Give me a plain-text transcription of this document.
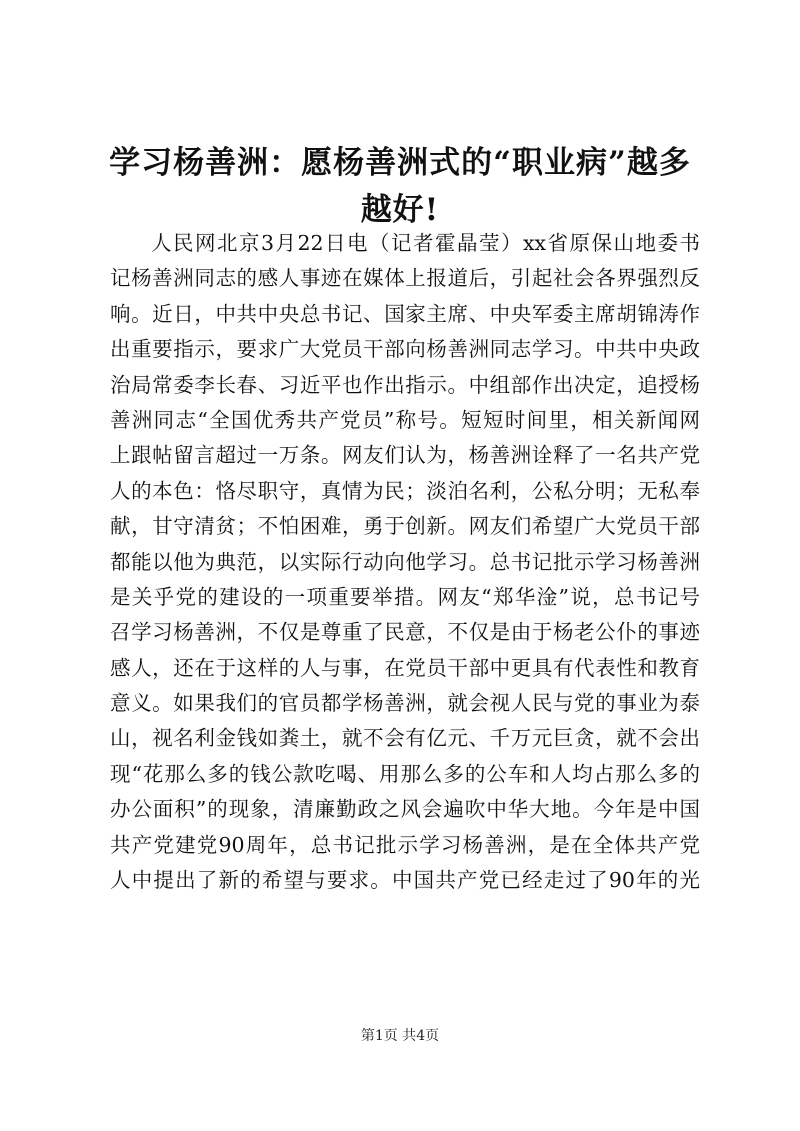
学习杨善洲：愿杨善洲式的“职业病”越多越好!
人民网北京3月22日电（记者霍晶莹）xx省原保山地委书
记杨善洲同志的感人事迹在媒体上报道后，引起社会各界强烈反
响。近日，中共中央总书记、国家主席、中央军委主席胡锦涛作
出重要指示，要求广大党员干部向杨善洲同志学习。中共中央政
治局常委李长春、习近平也作出指示。中组部作出决定，追授杨
善洲同志“全国优秀共产党员”称号。短短时间里，相关新闻网
上跟帖留言超过一万条。网友们认为，杨善洲诠释了一名共产党
人的本色：恪尽职守，真情为民；淡泊名利，公私分明；无私奉
献，甘守清贫；不怕困难，勇于创新。网友们希望广大党员干部
都能以他为典范，以实际行动向他学习。总书记批示学习杨善洲
是关乎党的建设的一项重要举措。网友“郑华淦”说，总书记号
召学习杨善洲，不仅是尊重了民意，不仅是由于杨老公仆的事迹
感人，还在于这样的人与事，在党员干部中更具有代表性和教育
意义。如果我们的官员都学杨善洲，就会视人民与党的事业为泰
山，视名利金钱如粪土，就不会有亿元、千万元巨贪，就不会出
现“花那么多的钱公款吃喝、用那么多的公车和人均占那么多的
办公面积”的现象，清廉勤政之风会遍吹中华大地。今年是中国
共产党建党90周年，总书记批示学习杨善洲，是在全体共产党
人中提出了新的希望与要求。中国共产党已经走过了90年的光
第1页 共4页
